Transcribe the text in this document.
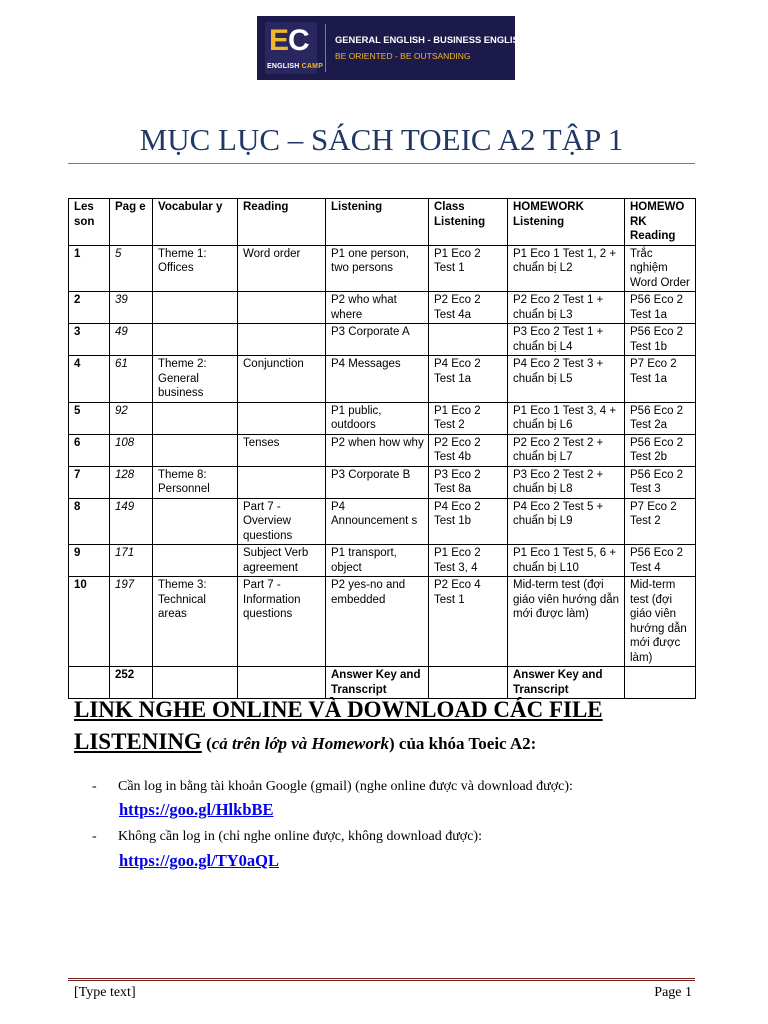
EC
ENGLISH CAMP
GENERAL ENGLISH - BUSINESS ENGLISH - TOEIC
BE ORIENTED - BE OUTSANDING
MỤC LỤC – SÁCH TOEIC A2 TẬP 1
Les son	Pag e	Vocabular y	Reading	Listening	Class Listening	HOMEWORK Listening	HOMEWORK Reading
1	5	Theme 1: Offices	Word order	P1 one person, two persons	P1 Eco 2 Test 1	P1 Eco 1 Test 1, 2 + chuẩn bị L2	Trắc nghiệm Word Order
2	39			P2 who what where	P2 Eco 2 Test 4a	P2 Eco 2 Test 1 + chuẩn bị L3	P56 Eco 2 Test 1a
3	49			P3 Corporate A		P3 Eco 2 Test 1 + chuẩn bị L4	P56 Eco 2 Test 1b
4	61	Theme 2: General business	Conjunction	P4 Messages	P4 Eco 2 Test 1a	P4 Eco 2 Test 3 + chuẩn bị L5	P7 Eco 2 Test 1a
5	92			P1 public, outdoors	P1 Eco 2 Test 2	P1 Eco 1 Test 3, 4 + chuẩn bị L6	P56 Eco 2 Test 2a
6	108		Tenses	P2 when how why	P2 Eco 2 Test 4b	P2 Eco 2 Test 2 + chuẩn bị L7	P56 Eco 2 Test 2b
7	128	Theme 8: Personnel		P3 Corporate B	P3 Eco 2 Test 8a	P3 Eco 2 Test 2 + chuẩn bị L8	P56 Eco 2 Test 3
8	149		Part 7 - Overview questions	P4 Announcement s	P4 Eco 2 Test 1b	P4 Eco 2 Test 5 + chuẩn bị L9	P7 Eco 2 Test 2
9	171		Subject Verb agreement	P1 transport, object	P1 Eco 2 Test 3, 4	P1 Eco 1 Test 5, 6 + chuẩn bị L10	P56 Eco 2 Test 4
10	197	Theme 3: Technical areas	Part 7 - Information questions	P2 yes-no and embedded	P2 Eco 4 Test 1	Mid-term test (đợi giáo viên hướng dẫn mới được làm)	Mid-term test (đợi giáo viên hướng dẫn mới được làm)
	252			Answer Key and Transcript		Answer Key and Transcript	
LINK NGHE ONLINE VÀ DOWNLOAD CÁC FILE
LISTENING (cả trên lớp và Homework) của khóa Toeic A2:
- Cần log in bằng tài khoản Google (gmail) (nghe online được và download được):
https://goo.gl/HlkbBE
- Không cần log in (chỉ nghe online được, không download được):
https://goo.gl/TY0aQL
[Type text]	Page 1
